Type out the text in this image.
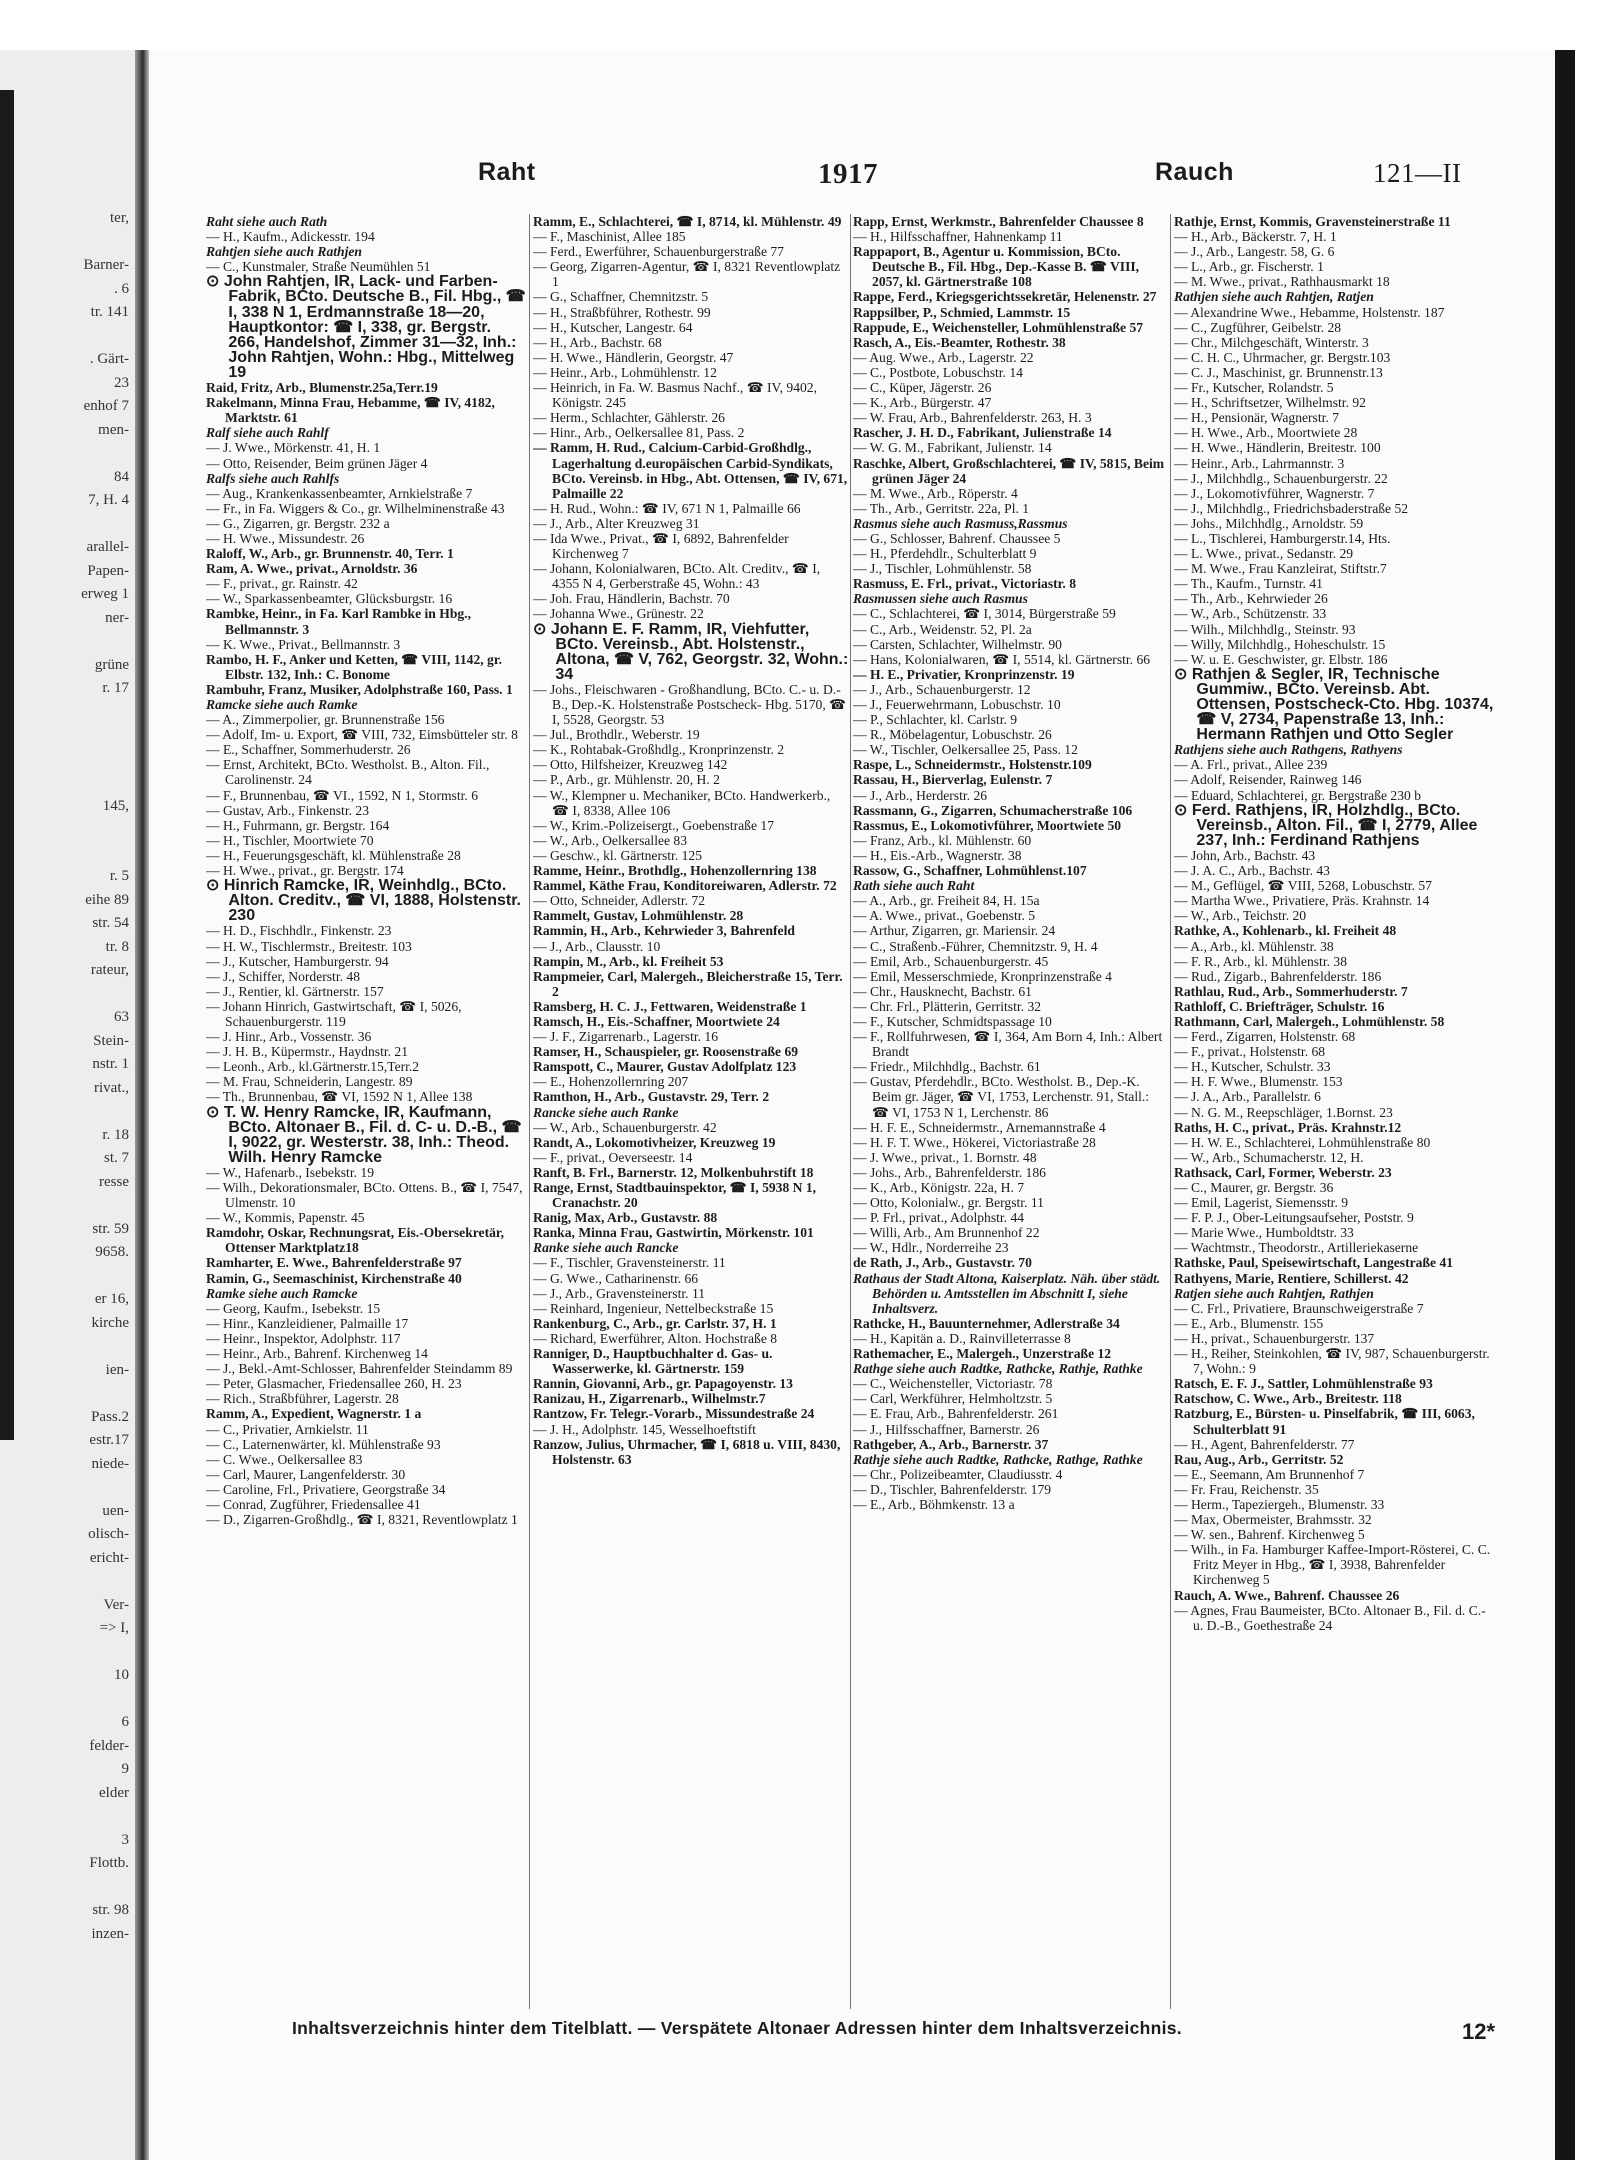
ter,
Barner-
. 6
tr. 141
. Gärt-
23
enhof 7
men-
84
7, H. 4
arallel-
Papen-
erweg 1
ner-
grüne
r. 17
145,
r. 5
eihe 89
str. 54
tr. 8
rateur,
63
Stein-
nstr. 1
rivat.,
r. 18
st. 7
resse
str. 59
9658.
er 16,
kirche
ien-
Pass.2
estr.17
niede-
uen-
olisch-
ericht-
Ver-
=> I,
10
6
felder-
9
elder
3
Flottb.
str. 98
inzen-
Raht	1917	Rauch	121—II

Raht siehe auch Rath

— H., Kaufm., Adickesstr. 194

Rahtjen siehe auch Rathjen

— C., Kunstmaler, Straße Neumühlen 51

⊙ John Rahtjen, IR, Lack- und Farben-Fabrik, BCto. Deutsche B., Fil. Hbg., ☎ I, 338 N 1, Erdmannstraße 18—20, Hauptkontor: ☎ I, 338, gr. Bergstr. 266, Handelshof, Zimmer 31—32, Inh.: John Rahtjen, Wohn.: Hbg., Mittelweg 19

Raid, Fritz, Arb., Blumenstr.25a,Terr.19

Rakelmann, Minna Frau, Hebamme, ☎ IV, 4182, Marktstr. 61

Ralf siehe auch Rahlf

— J. Wwe., Mörkenstr. 41, H. 1

— Otto, Reisender, Beim grünen Jäger 4

Ralfs siehe auch Rahlfs

— Aug., Krankenkassenbeamter, Arnkielstraße 7

— Fr., in Fa. Wiggers & Co., gr. Wilhelminenstraße 43

— G., Zigarren, gr. Bergstr. 232 a

— H. Wwe., Missundestr. 26

Raloff, W., Arb., gr. Brunnenstr. 40, Terr. 1

Ram, A. Wwe., privat., Arnoldstr. 36

— F., privat., gr. Rainstr. 42

— W., Sparkassenbeamter, Glücksburgstr. 16

Rambke, Heinr., in Fa. Karl Rambke in Hbg., Bellmannstr. 3

— K. Wwe., Privat., Bellmannstr. 3

Rambo, H. F., Anker und Ketten, ☎ VIII, 1142, gr. Elbstr. 132, Inh.: C. Bonome

Rambuhr, Franz, Musiker, Adolphstraße 160, Pass. 1

Ramcke siehe auch Ramke

— A., Zimmerpolier, gr. Brunnenstraße 156

— Adolf, Im- u. Export, ☎ VIII, 732, Eimsbütteler str. 8

— E., Schaffner, Sommerhuderstr. 26

— Ernst, Architekt, BCto. Westholst. B., Alton. Fil., Carolinenstr. 24

— F., Brunnenbau, ☎ VI., 1592, N 1, Stormstr. 6

— Gustav, Arb., Finkenstr. 23

— H., Fuhrmann, gr. Bergstr. 164

— H., Tischler, Moortwiete 70

— H., Feuerungsgeschäft, kl. Mühlenstraße 28

— H. Wwe., privat., gr. Bergstr. 174

⊙ Hinrich Ramcke, IR, Weinhdlg., BCto. Alton. Creditv., ☎ VI, 1888, Holstenstr. 230

— H. D., Fischhdlr., Finkenstr. 23

— H. W., Tischlermstr., Breitestr. 103

— J., Kutscher, Hamburgerstr. 94

— J., Schiffer, Norderstr. 48

— J., Rentier, kl. Gärtnerstr. 157

— Johann Hinrich, Gastwirtschaft, ☎ I, 5026, Schauenburgerstr. 119

— J. Hinr., Arb., Vossenstr. 36

— J. H. B., Küpermstr., Haydnstr. 21

— Leonh., Arb., kl.Gärtnerstr.15,Terr.2

— M. Frau, Schneiderin, Langestr. 89

— Th., Brunnenbau, ☎ VI, 1592 N 1, Allee 138

⊙ T. W. Henry Ramcke, IR, Kaufmann, BCto. Altonaer B., Fil. d. C- u. D.-B., ☎ I, 9022, gr. Westerstr. 38, Inh.: Theod. Wilh. Henry Ramcke

— W., Hafenarb., Isebekstr. 19

— Wilh., Dekorationsmaler, BCto. Ottens. B., ☎ I, 7547, Ulmenstr. 10

— W., Kommis, Papenstr. 45

Ramdohr, Oskar, Rechnungsrat, Eis.-Obersekretär, Ottenser Marktplatz18

Ramharter, E. Wwe., Bahrenfelderstraße 97

Ramin, G., Seemaschinist, Kirchenstraße 40

Ramke siehe auch Ramcke

— Georg, Kaufm., Isebekstr. 15

— Hinr., Kanzleidiener, Palmaille 17

— Heinr., Inspektor, Adolphstr. 117

— Heinr., Arb., Bahrenf. Kirchenweg 14

— J., Bekl.-Amt-Schlosser, Bahrenfelder Steindamm 89

— Peter, Glasmacher, Friedensallee 260, H. 23

— Rich., Straßbführer, Lagerstr. 28

Ramm, A., Expedient, Wagnerstr. 1 a

— C., Privatier, Arnkielstr. 11

— C., Laternenwärter, kl. Mühlenstraße 93

— C. Wwe., Oelkersallee 83

— Carl, Maurer, Langenfelderstr. 30

— Caroline, Frl., Privatiere, Georgstraße 34

— Conrad, Zugführer, Friedensallee 41

— D., Zigarren-Großhdlg., ☎ I, 8321, Reventlowplatz 1

Ramm, E., Schlachterei, ☎ I, 8714, kl. Mühlenstr. 49

— F., Maschinist, Allee 185

— Ferd., Ewerführer, Schauenburgerstraße 77

— Georg, Zigarren-Agentur, ☎ I, 8321 Reventlowplatz 1

— G., Schaffner, Chemnitzstr. 5

— H., Straßbführer, Rothestr. 99

— H., Kutscher, Langestr. 64

— H., Arb., Bachstr. 68

— H. Wwe., Händlerin, Georgstr. 47

— Heinr., Arb., Lohmühlenstr. 12

— Heinrich, in Fa. W. Basmus Nachf., ☎ IV, 9402, Königstr. 245

— Herm., Schlachter, Gählerstr. 26

— Hinr., Arb., Oelkersallee 81, Pass. 2

— Ramm, H. Rud., Calcium-Carbid-Großhdlg., Lagerhaltung d.europäischen Carbid-Syndikats, BCto. Vereinsb. in Hbg., Abt. Ottensen, ☎ IV, 671, Palmaille 22

— H. Rud., Wohn.: ☎ IV, 671 N 1, Palmaille 66

— J., Arb., Alter Kreuzweg 31

— Ida Wwe., Privat., ☎ I, 6892, Bahrenfelder Kirchenweg 7

— Johann, Kolonialwaren, BCto. Alt. Creditv., ☎ I, 4355 N 4, Gerberstraße 45, Wohn.: 43

— Joh. Frau, Händlerin, Bachstr. 70

— Johanna Wwe., Grünestr. 22

⊙ Johann E. F. Ramm, IR, Viehfutter, BCto. Vereinsb., Abt. Holstenstr., Altona, ☎ V, 762, Georgstr. 32, Wohn.: 34

— Johs., Fleischwaren - Großhandlung, BCto. C.- u. D.-B., Dep.-K. Holstenstraße Postscheck- Hbg. 5170, ☎ I, 5528, Georgstr. 53

— Jul., Brothdlr., Weberstr. 19

— K., Rohtabak-Großhdlg., Kronprinzenstr. 2

— Otto, Hilfsheizer, Kreuzweg 142

— P., Arb., gr. Mühlenstr. 20, H. 2

— W., Klempner u. Mechaniker, BCto. Handwerkerb., ☎ I, 8338, Allee 106

— W., Krim.-Polizeisergt., Goebenstraße 17

— W., Arb., Oelkersallee 83

— Geschw., kl. Gärtnerstr. 125

Ramme, Heinr., Brothdlg., Hohenzollernring 138

Rammel, Käthe Frau, Konditoreiwaren, Adlerstr. 72

— Otto, Schneider, Adlerstr. 72

Rammelt, Gustav, Lohmühlenstr. 28

Rammin, H., Arb., Kehrwieder 3, Bahrenfeld

— J., Arb., Clausstr. 10

Rampin, M., Arb., kl. Freiheit 53

Rampmeier, Carl, Malergeh., Bleicherstraße 15, Terr. 2

Ramsberg, H. C. J., Fettwaren, Weidenstraße 1

Ramsch, H., Eis.-Schaffner, Moortwiete 24

— J. F., Zigarrenarb., Lagerstr. 16

Ramser, H., Schauspieler, gr. Roosenstraße 69

Ramspott, C., Maurer, Gustav Adolfplatz 123

— E., Hohenzollernring 207

Ramthon, H., Arb., Gustavstr. 29, Terr. 2

Rancke siehe auch Ranke

— W., Arb., Schauenburgerstr. 42

Randt, A., Lokomotivheizer, Kreuzweg 19

— F., privat., Oeverseestr. 14

Ranft, B. Frl., Barnerstr. 12, Molkenbuhrstift 18

Range, Ernst, Stadtbauinspektor, ☎ I, 5938 N 1, Cranachstr. 20

Ranig, Max, Arb., Gustavstr. 88

Ranka, Minna Frau, Gastwirtin, Mörkenstr. 101

Ranke siehe auch Rancke

— F., Tischler, Gravensteinerstr. 11

— G. Wwe., Catharinenstr. 66

— J., Arb., Gravensteinerstr. 11

— Reinhard, Ingenieur, Nettelbeckstraße 15

Rankenburg, C., Arb., gr. Carlstr. 37, H. 1

— Richard, Ewerführer, Alton. Hochstraße 8

Ranniger, D., Hauptbuchhalter d. Gas- u. Wasserwerke, kl. Gärtnerstr. 159

Rannin, Giovanni, Arb., gr. Papagoyenstr. 13

Ranizau, H., Zigarrenarb., Wilhelmstr.7

Rantzow, Fr. Telegr.-Vorarb., Missundestraße 24

— J. H., Adolphstr. 145, Wesselhoeftstift

Ranzow, Julius, Uhrmacher, ☎ I, 6818 u. VIII, 8430, Holstenstr. 63

Rapp, Ernst, Werkmstr., Bahrenfelder Chaussee 8

— H., Hilfsschaffner, Hahnenkamp 11

Rappaport, B., Agentur u. Kommission, BCto. Deutsche B., Fil. Hbg., Dep.-Kasse B. ☎ VIII, 2057, kl. Gärtnerstraße 108

Rappe, Ferd., Kriegsgerichtssekretär, Helenenstr. 27

Rappsilber, P., Schmied, Lammstr. 15

Rappude, E., Weichensteller, Lohmühlenstraße 57

Rasch, A., Eis.-Beamter, Rothestr. 38

— Aug. Wwe., Arb., Lagerstr. 22

— C., Postbote, Lobuschstr. 14

— C., Küper, Jägerstr. 26

— K., Arb., Bürgerstr. 47

— W. Frau, Arb., Bahrenfelderstr. 263, H. 3

Rascher, J. H. D., Fabrikant, Julienstraße 14

— W. G. M., Fabrikant, Julienstr. 14

Raschke, Albert, Großschlachterei, ☎ IV, 5815, Beim grünen Jäger 24

— M. Wwe., Arb., Röperstr. 4

— Th., Arb., Gerritstr. 22a, Pl. 1

Rasmus siehe auch Rasmuss,Rassmus

— G., Schlosser, Bahrenf. Chaussee 5

— H., Pferdehdlr., Schulterblatt 9

— J., Tischler, Lohmühlenstr. 58

Rasmuss, E. Frl., privat., Victoriastr. 8

Rasmussen siehe auch Rasmus

— C., Schlachterei, ☎ I, 3014, Bürgerstraße 59

— C., Arb., Weidenstr. 52, Pl. 2a

— Carsten, Schlachter, Wilhelmstr. 90

— Hans, Kolonialwaren, ☎ I, 5514, kl. Gärtnerstr. 66

— H. E., Privatier, Kronprinzenstr. 19

— J., Arb., Schauenburgerstr. 12

— J., Feuerwehrmann, Lobuschstr. 10

— P., Schlachter, kl. Carlstr. 9

— R., Möbelagentur, Lobuschstr. 26

— W., Tischler, Oelkersallee 25, Pass. 12

Raspe, L., Schneidermstr., Holstenstr.109

Rassau, H., Bierverlag, Eulenstr. 7

— J., Arb., Herderstr. 26

Rassmann, G., Zigarren, Schumacherstraße 106

Rassmus, E., Lokomotivführer, Moortwiete 50

— Franz, Arb., kl. Mühlenstr. 60

— H., Eis.-Arb., Wagnerstr. 38

Rassow, G., Schaffner, Lohmühlenst.107

Rath siehe auch Raht

— A., Arb., gr. Freiheit 84, H. 15a

— A. Wwe., privat., Goebenstr. 5

— Arthur, Zigarren, gr. Mariensir. 24

— C., Straßenb.-Führer, Chemnitzstr. 9, H. 4

— Emil, Arb., Schauenburgerstr. 45

— Emil, Messerschmiede, Kronprinzenstraße 4

— Chr., Hausknecht, Bachstr. 61

— Chr. Frl., Plätterin, Gerritstr. 32

— F., Kutscher, Schmidtspassage 10

— F., Rollfuhrwesen, ☎ I, 364, Am Born 4, Inh.: Albert Brandt

— Friedr., Milchhdlg., Bachstr. 61

— Gustav, Pferdehdlr., BCto. Westholst. B., Dep.-K. Beim gr. Jäger, ☎ VI, 1753, Lerchenstr. 91, Stall.: ☎ VI, 1753 N 1, Lerchenstr. 86

— H. F. E., Schneidermstr., Arnemannstraße 4

— H. F. T. Wwe., Hökerei, Victoriastraße 28

— J. Wwe., privat., 1. Bornstr. 48

— Johs., Arb., Bahrenfelderstr. 186

— K., Arb., Königstr. 22a, H. 7

— Otto, Kolonialw., gr. Bergstr. 11

— P. Frl., privat., Adolphstr. 44

— Willi, Arb., Am Brunnenhof 22

— W., Hdlr., Norderreihe 23

de Rath, J., Arb., Gustavstr. 70

Rathaus der Stadt Altona, Kaiserplatz. Näh. über städt. Behörden u. Amtsstellen im Abschnitt I, siehe Inhaltsverz.

Rathcke, H., Bauunternehmer, Adlerstraße 34

— H., Kapitän a. D., Rainvilleterrasse 8

Rathemacher, E., Malergeh., Unzerstraße 12

Rathge siehe auch Radtke, Rathcke, Rathje, Rathke

— C., Weichensteller, Victoriastr. 78

— Carl, Werkführer, Helmholtzstr. 5

— E. Frau, Arb., Bahrenfelderstr. 261

— J., Hilfsschaffner, Barnerstr. 26

Rathgeber, A., Arb., Barnerstr. 37

Rathje siehe auch Radtke, Rathcke, Rathge, Rathke

— Chr., Polizeibeamter, Claudiusstr. 4

— D., Tischler, Bahrenfelderstr. 179

— E., Arb., Böhmkenstr. 13 a

Rathje, Ernst, Kommis, Gravensteinerstraße 11

— H., Arb., Bäckerstr. 7, H. 1

— J., Arb., Langestr. 58, G. 6

— L., Arb., gr. Fischerstr. 1

— M. Wwe., privat., Rathhausmarkt 18

Rathjen siehe auch Rahtjen, Ratjen

— Alexandrine Wwe., Hebamme, Holstenstr. 187

— C., Zugführer, Geibelstr. 28

— Chr., Milchgeschäft, Winterstr. 3

— C. H. C., Uhrmacher, gr. Bergstr.103

— C. J., Maschinist, gr. Brunnenstr.13

— Fr., Kutscher, Rolandstr. 5

— H., Schriftsetzer, Wilhelmstr. 92

— H., Pensionär, Wagnerstr. 7

— H. Wwe., Arb., Moortwiete 28

— H. Wwe., Händlerin, Breitestr. 100

— Heinr., Arb., Lahrmannstr. 3

— J., Milchhdlg., Schauenburgerstr. 22

— J., Lokomotivführer, Wagnerstr. 7

— J., Milchhdlg., Friedrichsbaderstraße 52

— Johs., Milchhdlg., Arnoldstr. 59

— L., Tischlerei, Hamburgerstr.14, Hts.

— L. Wwe., privat., Sedanstr. 29

— M. Wwe., Frau Kanzleirat, Stiftstr.7

— Th., Kaufm., Turnstr. 41

— Th., Arb., Kehrwieder 26

— W., Arb., Schützenstr. 33

— Wilh., Milchhdlg., Steinstr. 93

— Willy, Milchhdlg., Hoheschulstr. 15

— W. u. E. Geschwister, gr. Elbstr. 186

⊙ Rathjen & Segler, IR, Technische Gummiw., BCto. Vereinsb. Abt. Ottensen, Postscheck-Cto. Hbg. 10374, ☎ V, 2734, Papenstraße 13, Inh.: Hermann Rathjen und Otto Segler

Rathjens siehe auch Rathgens, Rathyens

— A. Frl., privat., Allee 239

— Adolf, Reisender, Rainweg 146

— Eduard, Schlachterei, gr. Bergstraße 230 b

⊙ Ferd. Rathjens, IR, Holzhdlg., BCto. Vereinsb., Alton. Fil., ☎ I, 2779, Allee 237, Inh.: Ferdinand Rathjens

— John, Arb., Bachstr. 43

— J. A. C., Arb., Bachstr. 43

— M., Geflügel, ☎ VIII, 5268, Lobuschstr. 57

— Martha Wwe., Privatiere, Präs. Krahnstr. 14

— W., Arb., Teichstr. 20

Rathke, A., Kohlenarb., kl. Freiheit 48

— A., Arb., kl. Mühlenstr. 38

— F. R., Arb., kl. Mühlenstr. 38

— Rud., Zigarb., Bahrenfelderstr. 186

Rathlau, Rud., Arb., Sommerhuderstr. 7

Rathloff, C. Briefträger, Schulstr. 16

Rathmann, Carl, Malergeh., Lohmühlenstr. 58

— Ferd., Zigarren, Holstenstr. 68

— F., privat., Holstenstr. 68

— H., Kutscher, Schulstr. 33

— H. F. Wwe., Blumenstr. 153

— J. A., Arb., Parallelstr. 6

— N. G. M., Reepschläger, 1.Bornst. 23

Raths, H. C., privat., Präs. Krahnstr.12

— H. W. E., Schlachterei, Lohmühlenstraße 80

— W., Arb., Schumacherstr. 12, H.

Rathsack, Carl, Former, Weberstr. 23

— C., Maurer, gr. Bergstr. 36

— Emil, Lagerist, Siemensstr. 9

— F. P. J., Ober-Leitungsaufseher, Poststr. 9

— Marie Wwe., Humboldtstr. 33

— Wachtmstr., Theodorstr., Artilleriekaserne

Rathske, Paul, Speisewirtschaft, Langestraße 41

Rathyens, Marie, Rentiere, Schillerst. 42

Ratjen siehe auch Rahtjen, Rathjen

— C. Frl., Privatiere, Braunschweigerstraße 7

— E., Arb., Blumenstr. 155

— H., privat., Schauenburgerstr. 137

— H., Reiher, Steinkohlen, ☎ IV, 987, Schauenburgerstr. 7, Wohn.: 9

Ratsch, E. F. J., Sattler, Lohmühlenstraße 93

Ratschow, C. Wwe., Arb., Breitestr. 118

Ratzburg, E., Bürsten- u. Pinselfabrik, ☎ III, 6063, Schulterblatt 91

— H., Agent, Bahrenfelderstr. 77

Rau, Aug., Arb., Gerritstr. 52

— E., Seemann, Am Brunnenhof 7

— Fr. Frau, Reichenstr. 35

— Herm., Tapeziergeh., Blumenstr. 33

— Max, Obermeister, Brahmsstr. 32

— W. sen., Bahrenf. Kirchenweg 5

— Wilh., in Fa. Hamburger Kaffee-Import-Rösterei, C. C. Fritz Meyer in Hbg., ☎ I, 3938, Bahrenfelder Kirchenweg 5

Rauch, A. Wwe., Bahrenf. Chaussee 26

— Agnes, Frau Baumeister, BCto. Altonaer B., Fil. d. C.- u. D.-B., Goethestraße 24

Inhaltsverzeichnis hinter dem Titelblatt. — Verspätete Altonaer Adressen hinter dem Inhaltsverzeichnis.	12*
